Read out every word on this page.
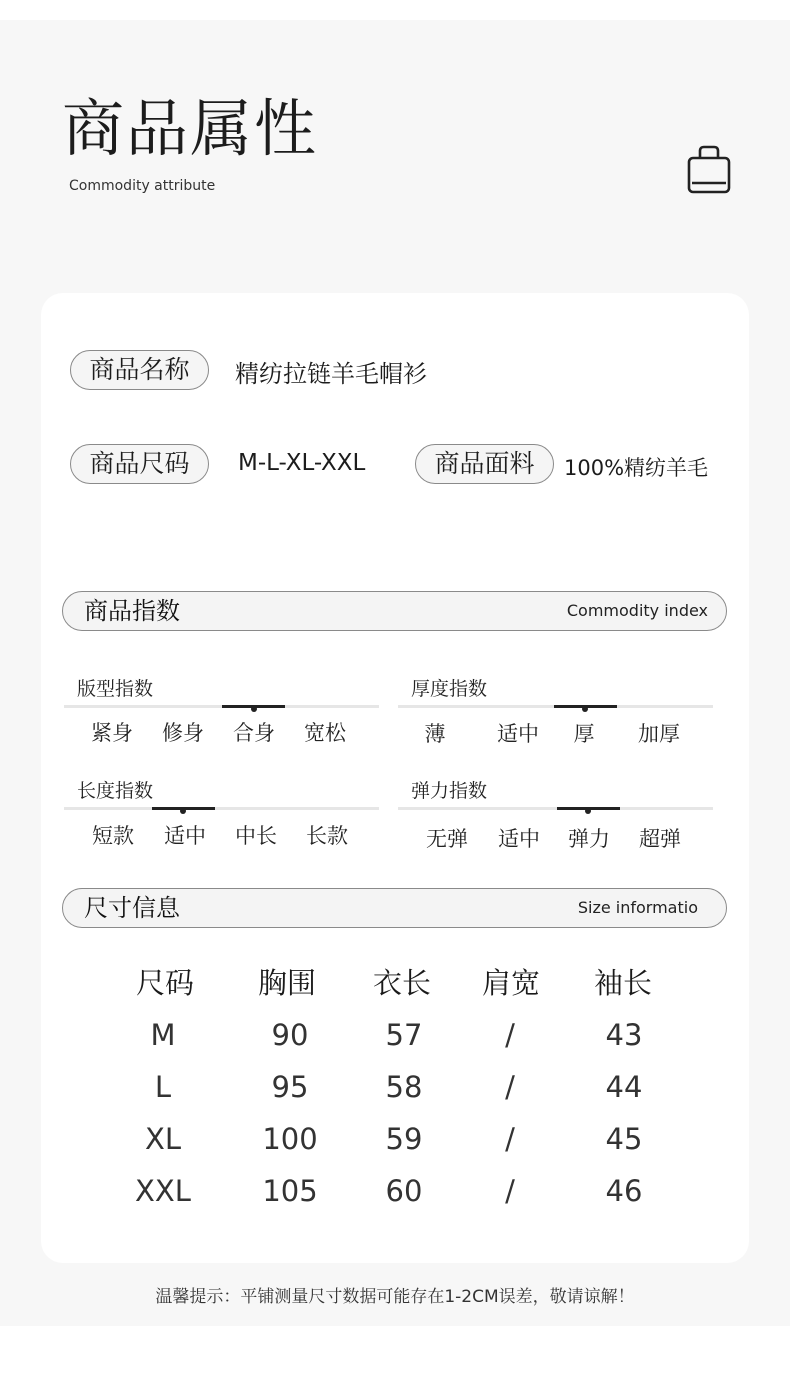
商品属性
Commodity attribute
商品名称	精纺拉链羊毛帽衫
商品尺码	M-L-XL-XXL	商品面料	100%精纺羊毛
商品指数	Commodity index
版型指数
紧身	修身	合身	宽松
厚度指数
薄	适中	厚	加厚
长度指数
短款	适中	中长	长款
弹力指数
无弹	适中	弹力	超弹
尺寸信息	Size informatio
尺码	胸围	衣长	肩宽	袖长
M	90	57	/	43
L	95	58	/	44
XL	100	59	/	45
XXL	105	60	/	46
温馨提示：平铺测量尺寸数据可能存在1-2CM误差，敬请谅解！
